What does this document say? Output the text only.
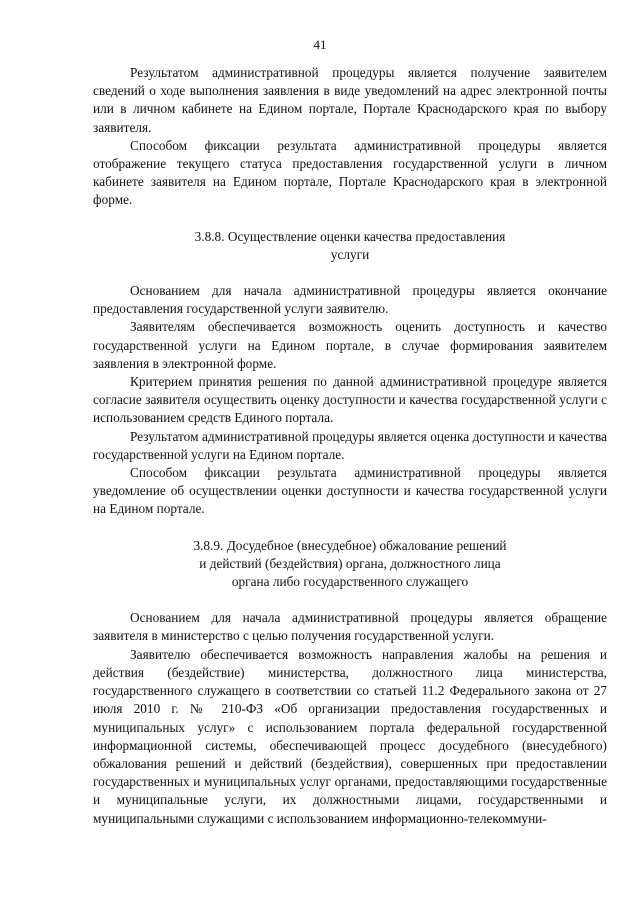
41

Результатом административной процедуры является получение заявителем сведений о ходе выполнения заявления в виде уведомлений на адрес электронной почты или в личном кабинете на Едином портале, Портале Краснодарского края по выбору заявителя.

Способом фиксации результата административной процедуры является отображение текущего статуса предоставления государственной услуги в личном кабинете заявителя на Едином портале, Портале Краснодарского края в электронной форме.

3.8.8. Осуществление оценки качества предоставления
услуги

Основанием для начала административной процедуры является окончание предоставления государственной услуги заявителю.

Заявителям обеспечивается возможность оценить доступность и качество государственной услуги на Едином портале, в случае формирования заявителем заявления в электронной форме.

Критерием принятия решения по данной административной процедуре является согласие заявителя осуществить оценку доступности и качества государственной услуги с использованием средств Единого портала.

Результатом административной процедуры является оценка доступности и качества государственной услуги на Едином портале.

Способом фиксации результата административной процедуры является уведомление об осуществлении оценки доступности и качества государственной услуги на Едином портале.

3.8.9. Досудебное (внесудебное) обжалование решений
и действий (бездействия) органа, должностного лица
органа либо государственного служащего

Основанием для начала административной процедуры является обращение заявителя в министерство с целью получения государственной услуги.

Заявителю обеспечивается возможность направления жалобы на решения и действия (бездействие) министерства, должностного лица министерства, государственного служащего в соответствии со статьей 11.2 Федерального закона от 27 июля 2010 г. № 210-ФЗ «Об организации предоставления государственных и муниципальных услуг» с использованием портала федеральной государственной информационной системы, обеспечивающей процесс досудебного (внесудебного) обжалования решений и действий (бездействия), совершенных при предоставлении государственных и муниципальных услуг органами, предоставляющими государственные и муниципальные услуги, их должностными лицами, государственными и муниципальными служащими с использованием информационно-телекоммуни-
